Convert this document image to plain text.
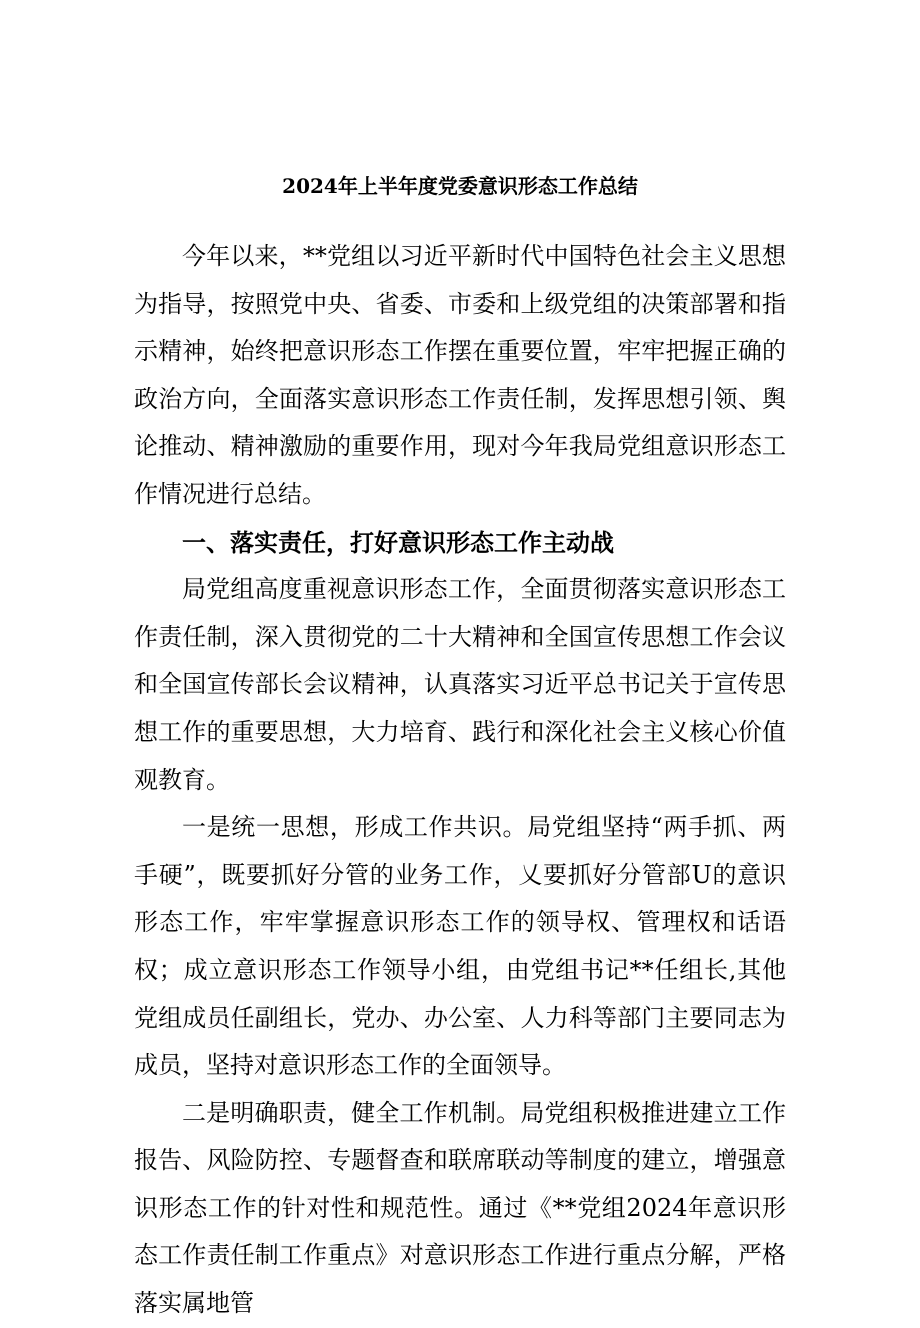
2024年上半年度党委意识形态工作总结

今年以来，**党组以习近平新时代中国特色社会主义思想为指导，按照党中央、省委、市委和上级党组的决策部署和指示精神，始终把意识形态工作摆在重要位置，牢牢把握正确的政治方向，全面落实意识形态工作责任制，发挥思想引领、舆论推动、精神激励的重要作用，现对今年我局党组意识形态工作情况进行总结。

一、落实责任，打好意识形态工作主动战

局党组高度重视意识形态工作，全面贯彻落实意识形态工作责任制，深入贯彻党的二十大精神和全国宣传思想工作会议和全国宣传部长会议精神，认真落实习近平总书记关于宣传思想工作的重要思想，大力培育、践行和深化社会主义核心价值观教育。

一是统一思想，形成工作共识。局党组坚持“两手抓、两手硬”，既要抓好分管的业务工作，乂要抓好分管部U的意识形态工作，牢牢掌握意识形态工作的领导权、管理权和话语权；成立意识形态工作领导小组，由党组书记**任组长,其他党组成员任副组长，党办、办公室、人力科等部门主要同志为成员，坚持对意识形态工作的全面领导。

二是明确职责，健全工作机制。局党组积极推进建立工作报告、风险防控、专题督查和联席联动等制度的建立，增强意识形态工作的针对性和规范性。通过《**党组2024年意识形态工作责任制工作重点》对意识形态工作进行重点分解，严格落实属地管
